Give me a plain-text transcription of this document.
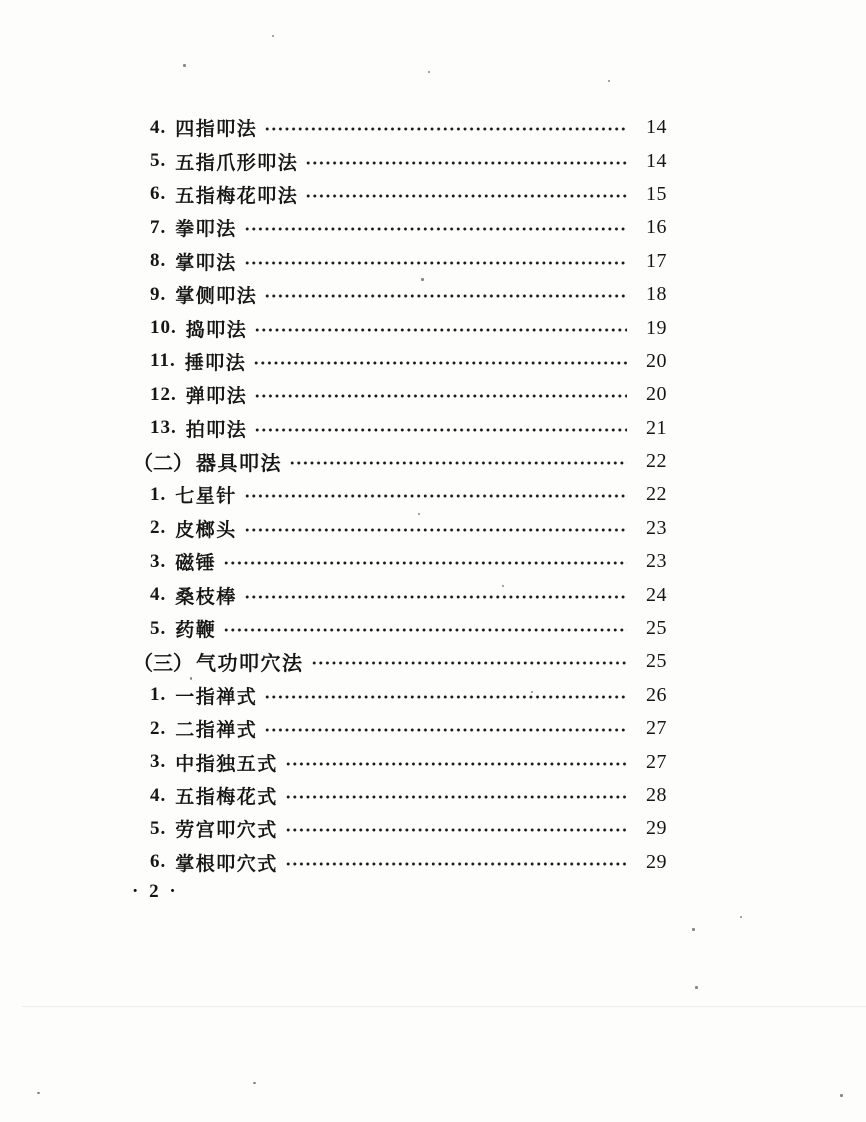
4. 四指叩法	14
5. 五指爪形叩法	14
6. 五指梅花叩法	15
7. 拳叩法	16
8. 掌叩法	17
9. 掌侧叩法	18
10. 捣叩法	19
11. 捶叩法	20
12. 弹叩法	20
13. 拍叩法	21
（二） 器具叩法	22
1. 七星针	22
2. 皮榔头	23
3. 磁锤	23
4. 桑枝棒	24
5. 药鞭	25
（三） 气功叩穴法	25
1. 一指禅式	26
2. 二指禅式	27
3. 中指独五式	27
4. 五指梅花式	28
5. 劳宫叩穴式	29
6. 掌根叩穴式	29
· 2 ·
